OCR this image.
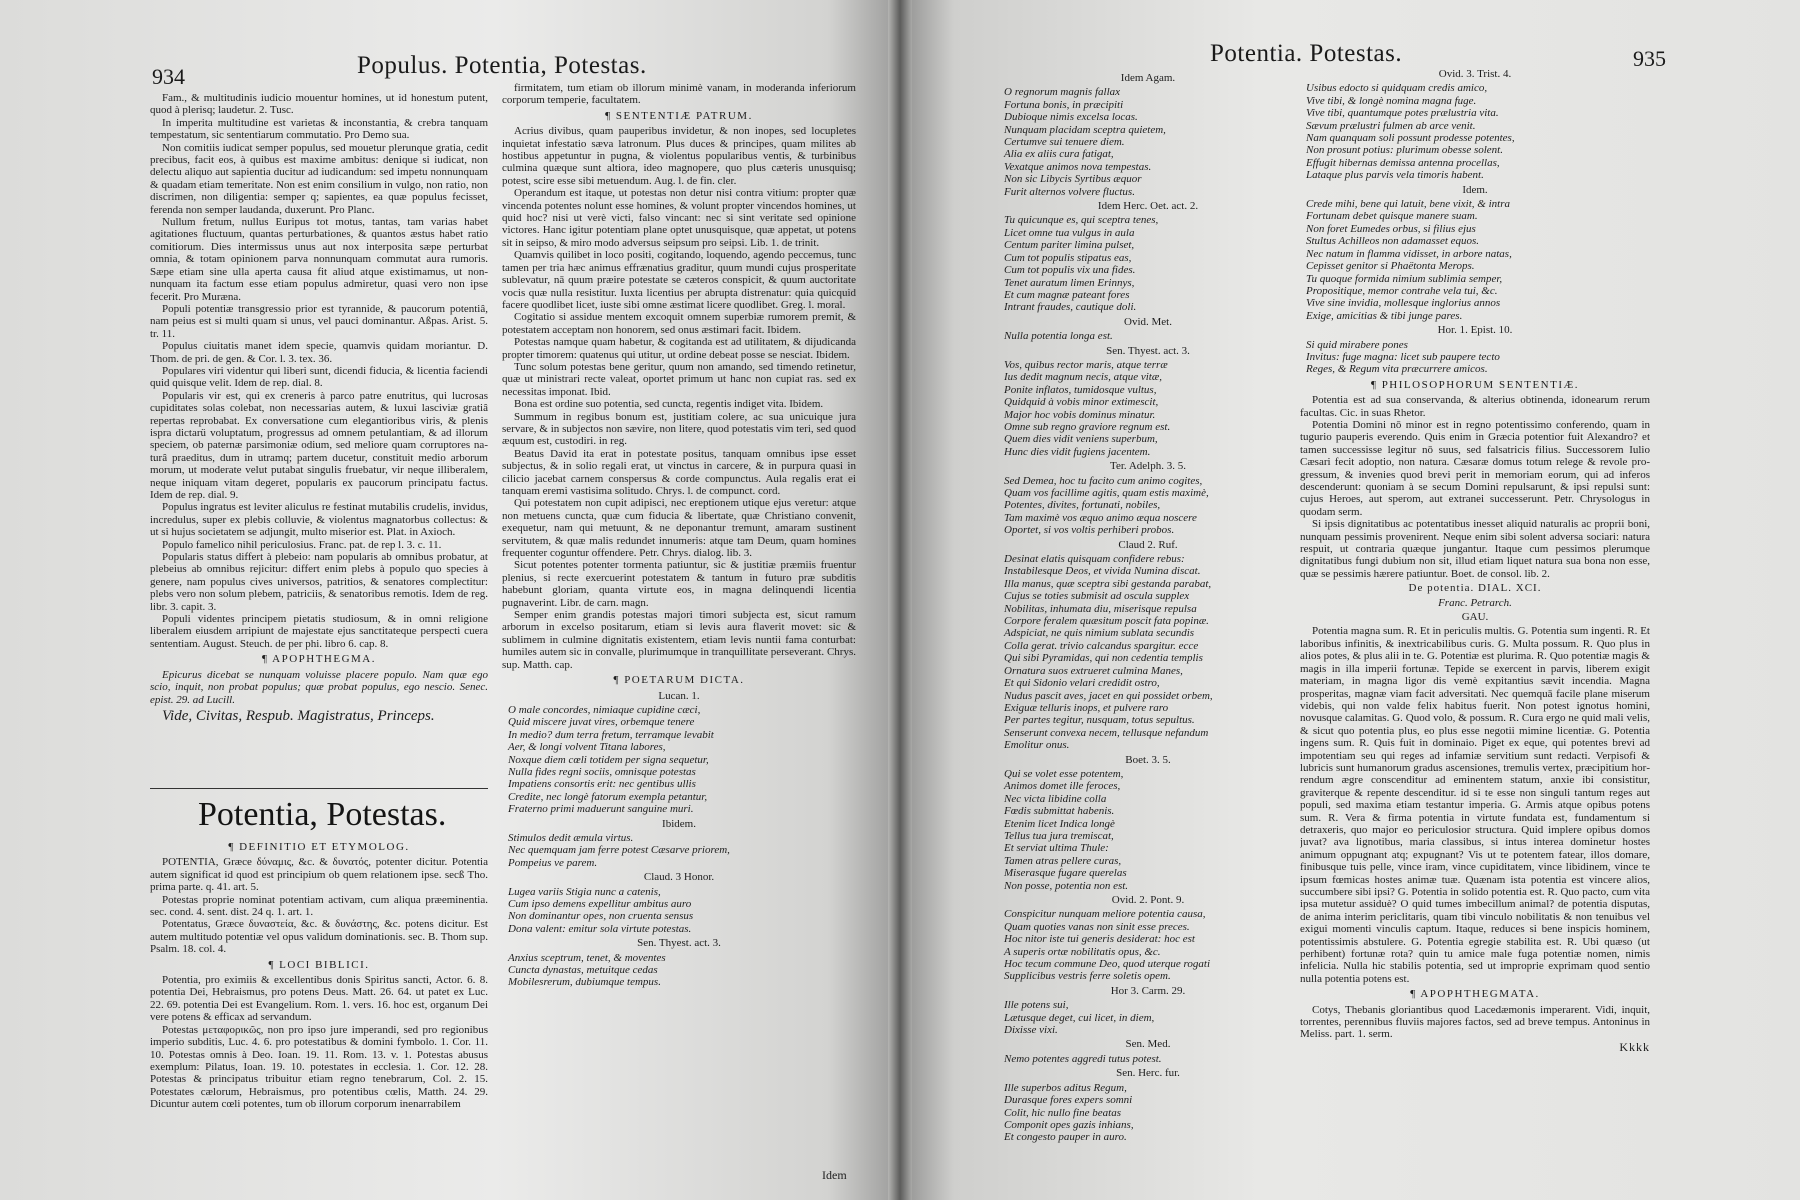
934	Populus. Potentia, Potestas.

Fam., & multitudinis iudicio mouentur homines, ut id honestum putent, quod à plerisq; laudetur. 2. Tusc.

In imperita multitudine est varietas & inconstantia, & crebra tanquam tempestatum, sic sententiarum commutatio. Pro Demo sua.

Non comitiis iudicat semper populus, sed mouetur plerunque gratia, cedit precibus, facit eos, à quibus est maxime ambitus: denique si iudicat, non delectu aliquo aut sapientia ducitur ad iudicandum: sed impetu nonnunquam & quadam etiam temeritate. Non est enim consilium in vulgo, non ratio, non discrimen, non diligentia: semper q; sapientes, ea quæ populus fecisset, ferenda non semper laudanda, duxerunt. Pro Planc.

Nullum fretum, nullus Euripus tot motus, tantas, tam varias habet agitationes fluctuum, quantas perturbationes, & quantos æstus habet ratio comitiorum. Dies intermissus unus aut nox interposita sæpe perturbat omnia, & totam opinionem parva nonnunquam commutat aura rumoris. Sæpe etiam sine ulla aperta causa fit aliud atque existimamus, ut nonnunquam ita factum esse etiam populus admiretur, quasi vero non ipse fecerit. Pro Muræna.

Populi potentiæ transgressio prior est tyrannide, & paucorum potentiâ, nam peius est si multi quam si unus, vel pauci dominantur. Aßpas. Arist. 5. tr. 11.

Populus ciuitatis manet idem specie, quamvis quidam moriantur. D. Thom. de pri. de gen. & Cor. l. 3. tex. 36.

Populares viri videntur qui liberi sunt, dicendi fiducia, & licentia faciendi quid quisque velit. Idem de rep. dial. 8.

Popularis vir est, qui ex creneris à parco patre enutritus, qui lucrosas cupiditates solas colebat, non necessarias autem, & luxui lasciviæ gratiâ repertas reprobabat. Ex conversatione cum elegantioribus viris, & plenis ispra dictarü voluptatum, progressus ad omnem petulantiam, & ad illorum speciem, ob paternæ parsimoniæ odium, sed meliore quam corruptores naturâ praeditus, dum in utramq; partem ducetur, constituit medio arborum morum, ut moderate velut putabat singulis fruebatur, vir neque illiberalem, neque iniquam vitam degeret, popularis ex paucorum principatu factus. Idem de rep. dial. 9.

Populus ingratus est leviter aliculus re festinat mutabilis crudelis, invidus, incredulus, super ex plebis colluvie, & violentus magnatorbus collectus: & ut si hujus societatem se adjungit, multo miserior est. Plat. in Axioch.

Populo famelico nihil periculosius. Franc. pat. de rep l. 3. c. 11.

Popularis status differt à plebeio: nam popularis ab omnibus probatur, at plebeius ab omnibus rejicitur: differt enim plebs à populo quo species à genere, nam populus cives universos, patritios, & senatores complectitur: plebs vero non solum plebem, patriciis, & senatoribus remotis. Idem de reg. libr. 3. capit. 3.

Populi videntes principem pietatis studiosum, & in omni religione liberalem eiusdem arripiunt de majestate ejus sanctitateque perspecti cuera sententiam. August. Steuch. de per phi. libro 6. cap. 8.

¶ APOPHTHEGMA.

Epicurus dicebat se nunquam voluisse placere populo. Nam quæ ego scio, inquit, non probat populus; quæ probat populus, ego nescio. Senec. epist. 29. ad Lucill.

Vide, Civitas, Respub. Magistratus, Princeps.

Potentia, Potestas.

¶ DEFINITIO ET ETYMOLOG.

POTENTIA, Græce δύναμις, &c. & δυνατός, potenter dicitur. Potentia autem significat id quod est principium ob quem relationem ipse. secß Tho. prima parte. q. 41. art. 5.

Potestas proprie nominat potentiam activam, cum aliqua præeminentia. sec. cond. 4. sent. dist. 24 q. 1. art. 1.

Potentatus, Græce δυναστεία, &c. & δυνάστης, &c. potens dicitur. Est autem multitudo potentiæ vel opus validum dominationis. sec. B. Thom sup. Psalm. 18. col. 4.

¶ LOCI BIBLICI.

Potentia, pro eximiis & excellentibus donis Spiritus sancti, Actor. 6. 8. potentia Dei, Hebraismus, pro potens Deus. Matt. 26. 64. ut patet ex Luc. 22. 69. potentia Dei est Evangelium. Rom. 1. vers. 16. hoc est, organum Dei vere potens & efficax ad servandum.

Potestas μεταφορικῶς, non pro ipso jure imperandi, sed pro regionibus imperio subditis, Luc. 4. 6. pro potestatibus & domini fymbolo. 1. Cor. 11. 10. Potestas omnis à Deo. Ioan. 19. 11. Rom. 13. v. 1. Potestas abusus exemplum: Pilatus, Ioan. 19. 10. potestates in ecclesia. 1. Cor. 12. 28. Potestas & principatus tribuitur etiam regno tenebrarum, Col. 2. 15. Potestates cælorum, Hebraismus, pro potentibus cœlis, Matth. 24. 29. Dicuntur autem cœli potentes, tum ob illorum corporum inenarrabilem

firmitatem, tum etiam ob illorum minimè vanam, in moderanda inferiorum corporum temperie, facultatem.

¶ SENTENTIÆ PATRUM.

Acrius divibus, quam pauperibus invidetur, & non inopes, sed locupletes inquietat infestatio sæva latronum. Plus duces & principes, quam milites ab hostibus appetuntur in pugna, & violentus popularibus ventis, & turbinibus culmina quæque sunt altiora, ideo magnopere, quo plus cæteris unusquisq; potest, scire esse sibi metuendum. Aug. l. de fin. cler.

Operandum est itaque, ut potestas non detur nisi contra vitium: propter quæ vincenda potentes nolunt esse homines, & volunt propter vincendos homines, ut quid hoc? nisi ut verè victi, falso vincant: nec si sint veritate sed opinione victores. Hanc igitur potentiam plane optet unusquisque, quæ appetat, ut potens sit in seipso, & miro modo adversus seipsum pro seipsi. Lib. 1. de trinit.

Quamvis quilibet in loco positi, cogitando, loquendo, agendo peccemus, tunc tamen per tria hæc animus effrænatius graditur, quum mundi cujus prosperitate sublevatur, nā quum præire potestate se cæteros conspicit, & quum auctoritate vocis quæ nulla resistitur. Iuxta licentius per abrupta distrenatur: quia quicquid facere quodlibet licet, iuste sibi omne æstimat licere quodlibet. Greg. l. moral.

Cogitatio si assidue mentem excoquit omnem superbiæ rumorem premit, & potestatem acceptam non honorem, sed onus æstimari facit. Ibidem.

Potestas namque quam habetur, & cogitanda est ad utilitatem, & dijudicanda propter timorem: quatenus qui utitur, ut ordine debeat posse se nesciat. Ibidem.

Tunc solum potestas bene geritur, quum non amando, sed timendo retinetur, quæ ut ministrari recte valeat, oportet primum ut hanc non cupiat ras. sed ex necessitas imponat. Ibid.

Bona est ordine suo potentia, sed cuncta, regentis indiget vita. Ibidem.

Summum in regibus bonum est, justitiam colere, ac sua unicuique jura servare, & in subjectos non sævire, non litere, quod potestatis vim teri, sed quod æquum est, custodiri. in reg.

Beatus David ita erat in potestate positus, tanquam omnibus ipse esset subjectus, & in solio regali erat, ut vinctus in carcere, & in purpura quasi in cilicio jacebat carnem conspersus & corde compunctus. Aula regalis erat ei tanquam eremi vastisima solitudo. Chrys. l. de compunct. cord.

Qui potestatem non cupit adipisci, nec ereptionem utique ejus veretur: atque non metuens cuncta, quæ cum fiducia & libertate, quæ Christiano convenit, exequetur, nam qui metuunt, & ne deponantur tremunt, amaram sustinent servitutem, & quæ malis redundet innumeris: atque tam Deum, quam homines frequenter coguntur offendere. Petr. Chrys. dialog. lib. 3.

Sicut potentes potenter tormenta patiuntur, sic & justitiæ præmiis fruentur plenius, si recte exercuerint potestatem & tantum in futuro præ subditis habebunt gloriam, quanta virtute eos, in magna delinquendi licentia pugnaverint. Libr. de carn. magn.

Semper enim grandis potestas majori timori subjecta est, sicut ramum arborum in excelso positarum, etiam si levis aura flaverit movet: sic & sublimem in culmine dignitatis existentem, etiam levis nuntii fama conturbat: humiles autem sic in convalle, plurimumque in tranquillitate perseverant. Chrys. sup. Matth. cap.

¶ POETARUM DICTA.

Lucan. 1.

O male concordes, nimiaque cupidine cæci,

Quid miscere juvat vires, orbemque tenere

In medio? dum terra fretum, terramque levabit

Aer, & longi volvent Titana labores,

Noxque diem cœli totidem per signa sequetur,

Nulla fides regni sociis, omnisque potestas

Impatiens consortis erit: nec gentibus ullis

Credite, nec longè fatorum exempla petantur,

Fraterno primi maduerunt sanguine muri.

Ibidem.

Stimulos dedit æmula virtus.

Nec quemquam jam ferre potest Cæsarve priorem,

Pompeius ve parem.

Claud. 3 Honor.

Lugea variis Stigia nunc a catenis,

Cum ipso demens expellitur ambitus auro

Non dominantur opes, non cruenta sensus

Dona valent: emitur sola virtute potestas.

Sen. Thyest. act. 3.

Anxius sceptrum, tenet, & moventes

Cuncta dynastas, metuitque cedas

Mobilesrerum, dubiumque tempus.

Idem
Potentia. Potestas.	935

Idem Agam.

O regnorum magnis fallax

Fortuna bonis, in præcipiti

Dubioque nimis excelsa locas.

Nunquam placidam sceptra quietem,

Certumve sui tenuere diem.

Alia ex aliis cura fatigat,

Vexatque animos nova tempestas.

Non sic Libycis Syrtibus æquor

Furit alternos volvere fluctus.

Idem Herc. Oet. act. 2.

Tu quicunque es, qui sceptra tenes,

Licet omne tua vulgus in aula

Centum pariter limina pulset,

Cum tot populis stipatus eas,

Cum tot populis vix una fides.

Tenet auratum limen Erinnys,

Et cum magnæ pateant fores

Intrant fraudes, cautique doli.

Ovid. Met.

Nulla potentia longa est.

Sen. Thyest. act. 3.

Vos, quibus rector maris, atque terræ

Ius dedit magnum necis, atque vitæ,

Ponite inflatos, tumidosque vultus,

Quidquid à vobis minor extimescit,

Major hoc vobis dominus minatur.

Omne sub regno graviore regnum est.

Quem dies vidit veniens superbum,

Hunc dies vidit fugiens jacentem.

Ter. Adelph. 3. 5.

Sed Demea, hoc tu facito cum animo cogites,

Quam vos facillime agitis, quam estis maximè,

Potentes, divites, fortunati, nobiles,

Tam maximè vos æquo animo æqua noscere

Oportet, si vos voltis perhiberi probos.

Claud 2. Ruf.

Desinat elatis quisquam confidere rebus:

Instabilesque Deos, et vivida Numina discat.

Illa manus, quæ sceptra sibi gestanda parabat,

Cujus se toties submisit ad oscula supplex

Nobilitas, inhumata diu, miserisque repulsa

Corpore feralem quæsitum poscit fata popinæ.

Adspiciat, ne quis nimium sublata secundis

Colla gerat. trivio calcandus spargitur. ecce

Qui sibi Pyramidas, qui non cedentia templis

Ornatura suos extrueret culmina Manes,

Et qui Sidonio velari credidit ostro,

Nudus pascit aves, jacet en qui possidet orbem,

Exiguæ telluris inops, et pulvere raro

Per partes tegitur, nusquam, totus sepultus.

Senserunt convexa necem, tellusque nefandum

Emolitur onus.

Boet. 3. 5.

Qui se volet esse potentem,

Animos domet ille feroces,

Nec victa libidine colla

Fœdis submittat habenis.

Etenim licet Indica longè

Tellus tua jura tremiscat,

Et serviat ultima Thule:

Tamen atras pellere curas,

Miserasque fugare querelas

Non posse, potentia non est.

Ovid. 2. Pont. 9.

Conspicitur nunquam meliore potentia causa,

Quam quoties vanas non sinit esse preces.

Hoc nitor iste tui generis desiderat: hoc est

A superis ortæ nobilitatis opus, &c.

Hoc tecum commune Deo, quod uterque rogati

Supplicibus vestris ferre soletis opem.

Hor 3. Carm. 29.

Ille potens sui,

Lætusque deget, cui licet, in diem,

Dixisse vixi.

Sen. Med.

Nemo potentes aggredi tutus potest.

Sen. Herc. fur.

Ille superbos aditus Regum,

Durasque fores expers somni

Colit, hic nullo fine beatas

Componit opes gazis inhians,

Et congesto pauper in auro.

Ovid. 3. Trist. 4.

Usibus edocto si quidquam credis amico,

Vive tibi, & longè nomina magna fuge.

Vive tibi, quantumque potes prælustria vita.

Sævum prælustri fulmen ab arce venit.

Nam quanquam soli possunt prodesse potentes,

Non prosunt potius: plurimum obesse solent.

Effugit hibernas demissa antenna procellas,

Lataque plus parvis vela timoris habent.

Idem.

Crede mihi, bene qui latuit, bene vixit, & intra

Fortunam debet quisque manere suam.

Non foret Eumedes orbus, si filius ejus

Stultus Achilleos non adamasset equos.

Nec natum in flamma vidisset, in arbore natas,

Cepisset genitor si Phaëtonta Merops.

Tu quoque formida nimium sublimia semper,

Propositique, memor contrahe vela tui, &c.

Vive sine invidia, mollesque inglorius annos

Exige, amicitias & tibi junge pares.

Hor. 1. Epist. 10.

Si quid mirabere pones

Invitus: fuge magna: licet sub paupere tecto

Reges, & Regum vita præcurrere amicos.

¶ PHILOSOPHORUM SENTENTIÆ.

Potentia est ad sua conservanda, & alterius obtinenda, idonearum rerum facultas. Cic. in suas Rhetor.

Potentia Domini nō minor est in regno potentissimo conferendo, quam in tugurio pauperis everendo. Quis enim in Græcia potentior fuit Alexandro? et tamen successisse legitur nō suus, sed falsatricis filius. Successorem Iulio Cæsari fecit adoptio, non natura. Cæsaræ domus totum relege & revole progressum, & invenies quod brevi perit in memoriam eorum, qui ad inferos descenderunt: quoniam à se secum Domini repulsarunt, & ipsi repulsi sunt: cujus Heroes, aut sperom, aut extranei successerunt. Petr. Chrysologus in quodam serm.

Si ipsis dignitatibus ac potentatibus inesset aliquid naturalis ac proprii boni, nunquam pessimis provenirent. Neque enim sibi solent adversa sociari: natura respuit, ut contraria quæque jungantur. Itaque cum pessimos plerumque dignitatibus fungi dubium non sit, illud etiam liquet natura sua bona non esse, quæ se pessimis hærere patiuntur. Boet. de consol. lib. 2.

De potentia. DIAL. XCI.

Franc. Petrarch.

GAU.

Potentia magna sum. R. Et in periculis multis. G. Potentia sum ingenti. R. Et laboribus infinitis, & inextricabilibus curis. G. Multa possum. R. Quo plus in alios potes, & plus alii in te. G. Potentiæ est plurima. R. Quo potentiæ magis & magis in illa imperii fortunæ. Tepide se exercent in parvis, liberem exigit materiam, in magna ligor dis vemè expitantius sævit incendia. Magna prosperitas, magnæ viam facit adversitati. Nec quemquā facile plane miserum videbis, qui non valde felix habitus fuerit. Non potest ignotus homini, novusque calamitas. G. Quod volo, & possum. R. Cura ergo ne quid mali velis, & sicut quo potentia plus, eo plus esse negotii mimine licentiæ. G. Potentia ingens sum. R. Quis fuit in dominaio. Piget ex eque, qui potentes brevi ad impotentiam seu qui reges ad infamiæ servitium sunt redacti. Verpisofi & lubricis sunt humanorum gradus ascensiones, tremulis vertex, præcipitium horrendum ægre conscenditur ad eminentem statum, anxie ibi consistitur, graviterque & repente descenditur. id si te esse non singuli tantum reges aut populi, sed maxima etiam testantur imperia. G. Armis atque opibus potens sum. R. Vera & firma potentia in virtute fundata est, fundamentum si detraxeris, quo major eo periculosior structura. Quid implere opibus domos juvat? ava lignotibus, maria classibus, si intus interea dominetur hostes animum oppugnant atq; expugnant? Vis ut te potentem fatear, illos domare, finibusque tuis pelle, vince iram, vince cupiditatem, vince libidinem, vince te ipsum fœmicas hostes animæ tuæ. Quænam ista potentia est vincere alios, succumbere sibi ipsi? G. Potentia in solido potentia est. R. Quo pacto, cum vita ipsa mutetur assiduè? O quid tumes imbecillum animal? de potentia disputas, de anima interim periclitaris, quam tibi vinculo nobilitatis & non tenuibus vel exigui momenti vinculis captum. Itaque, reduces si bene inspicis hominem, potentissimis abstulere. G. Potentia egregie stabilita est. R. Ubi quæso (ut perhibent) fortunæ rota? quin tu amice male fuga potentiæ nomen, nimis infelicia. Nulla hic stabilis potentia, sed ut improprie exprimam quod sentio nulla potentia potens est.

¶ APOPHTHEGMATA.

Cotys, Thebanis gloriantibus quod Lacedæmonis imperarent. Vidi, inquit, torrentes, perennibus fluviis majores factos, sed ad breve tempus. Antoninus in Meliss. part. 1. serm.

Kkkk
